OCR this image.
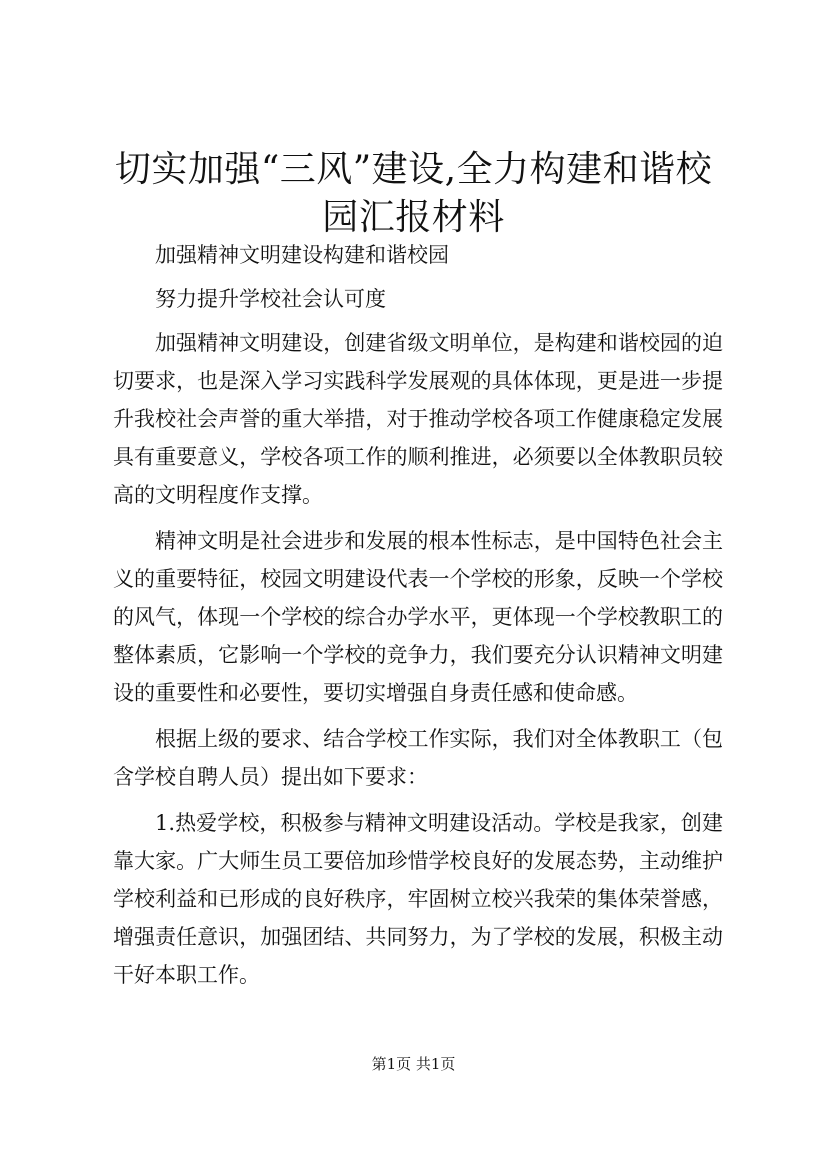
切实加强“三风”建设,全力构建和谐校园汇报材料

加强精神文明建设构建和谐校园

努力提升学校社会认可度

加强精神文明建设，创建省级文明单位，是构建和谐校园的迫切要求，也是深入学习实践科学发展观的具体体现，更是进一步提升我校社会声誉的重大举措，对于推动学校各项工作健康稳定发展具有重要意义，学校各项工作的顺利推进，必须要以全体教职员较高的文明程度作支撑。

精神文明是社会进步和发展的根本性标志，是中国特色社会主义的重要特征，校园文明建设代表一个学校的形象，反映一个学校的风气，体现一个学校的综合办学水平，更体现一个学校教职工的整体素质，它影响一个学校的竞争力，我们要充分认识精神文明建设的重要性和必要性，要切实增强自身责任感和使命感。

根据上级的要求、结合学校工作实际，我们对全体教职工（包含学校自聘人员）提出如下要求：

1.热爱学校，积极参与精神文明建设活动。学校是我家，创建靠大家。广大师生员工要倍加珍惜学校良好的发展态势，主动维护学校利益和已形成的良好秩序，牢固树立校兴我荣的集体荣誉感，增强责任意识，加强团结、共同努力，为了学校的发展，积极主动干好本职工作。

第1页 共1页
